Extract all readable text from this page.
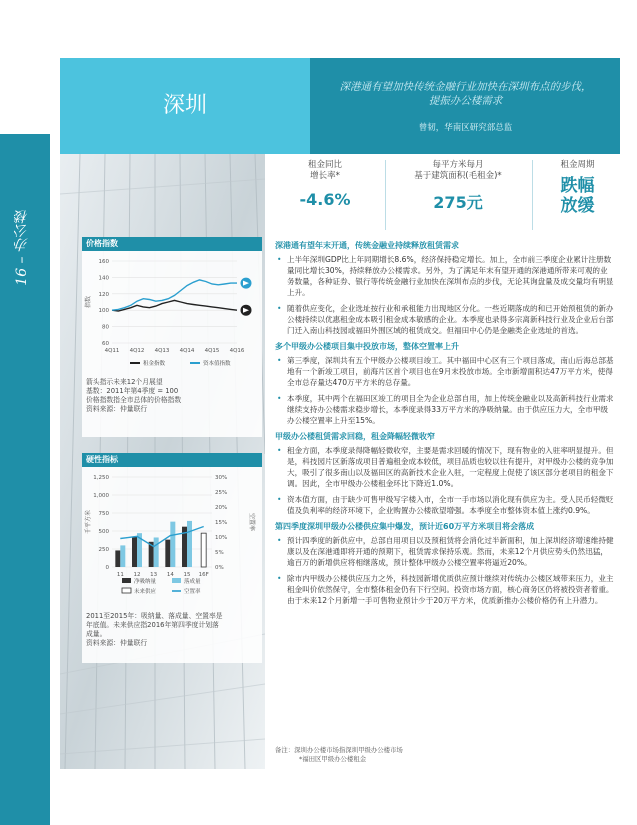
16 – 办公楼
深圳
深港通有望加快传统金融行业加快在深圳布点的步伐，
提振办公楼需求
曾韧，华南区研究部总监
租金同比
增长率*
-4.6%
每平方米每月
基于建筑面积(毛租金)*
275元
租金周期
跌幅
放缓
价格指数
指数
60
80
100
120
140
160
4Q11 4Q12 4Q13 4Q14 4Q15 4Q16
租金指数	资本值指数
箭头指示未来12个月展望
基数：2011年第4季度 = 100
价格指数指全市总体的价格指数
资料来源：仲量联行
硬性指标
千平方米	空置率
0
250
500
750
1,000
1,250
0%
5%
10%
15%
20%
25%
30%
11 12 13 14 15 16F
净吸纳量	落成量
未来供应	空置率
2011至2015年：吸纳量、落成量、空置率是
年底值。未来供应指2016年第四季度计划落
成量。
资料来源：仲量联行
深港通有望年末开通，传统金融业持续释放租赁需求
• 上半年深圳GDP比上年同期增长8.6%，经济保持稳定增长。加上，全市前三季度企业累计注册数量同比增长30%，持续释放办公楼需求。另外，为了满足年末有望开通的深港通所带来可观的业务数量，各种证券、银行等传统金融行业加快在深圳布点的步伐，无论其询盘量及成交量均有明显上升。
• 随着供应变化，企业选址按行业和承租能力出现地区分化。一些近期落成的和已开始预租赁的新办公楼持续以优惠租金成本吸引租金成本敏感的企业。本季度也录得多宗离新科技行业及企业后台部门迁入南山科技园或福田外围区域的租赁成交。但福田中心仍是金融类企业选址的首选。
多个甲级办公楼项目集中投放市场，整体空置率上升
• 第三季度，深圳共有五个甲级办公楼项目竣工。其中福田中心区有三个项目落成，南山后海总部基地有一个新竣工项目，前海片区首个项目也在9月末投放市场。全市新增面积达47万平方米，使得全市总存量达470万平方米的总存量。
• 本季度，其中两个在福田区竣工的项目全为企业总部自用，加上传统金融业以及高新科技行业需求继续支持办公楼需求稳步增长，本季度录得33万平方米的净吸纳量。由于供应压力大，全市甲级办公楼空置率上升至15%。
甲级办公楼租赁需求回稳，租金降幅轻微收窄
• 租金方面，本季度录得降幅轻微收窄，主要是需求回暖的情况下，现有物业的入驻率明显提升。但是，科技园片区新落成项目普遍租金成本较低，项目品质也较以往有提升，对甲级办公楼的竞争加大，吸引了很多南山以及福田区的高新技术企业入驻，一定程度上促使了该区部分老项目的租金下调。因此，全市甲级办公楼租金环比下降近1.0%。
• 资本值方面，由于缺少可售甲级写字楼入市，全市一手市场以消化现有供应为主。受人民币轻微贬值及负利率的经济环境下，企业购置办公楼欲望增强。本季度全市整体资本值上涨约0.9%。
第四季度深圳甲级办公楼供应集中爆发，预计近60万平方米项目将会落成
• 预计四季度的新供应中，总部自用项目以及预租赁将会消化过半新面积，加上深圳经济增速维持健康以及在深港通即将开通的预期下，租赁需求保持乐观。然而，未来12个月供应势头仍然迅猛，逾百万的新增供应将相继落成，预计整体甲级办公楼空置率将逼近20%。
• 除市内甲级办公楼供应压力之外，科技园新增优质供应预计继续对传统办公楼区域带来压力，业主租金叫价依然保守，全市整体租金仍有下行空间。投资市场方面，核心商务区仍将被投资者着重。由于未来12个月新增一手可售物业预计少于20万平方米，优质新推办公楼价格仍有上升潜力。
备注：深圳办公楼市场指深圳甲级办公楼市场
*福田区甲级办公楼租金
